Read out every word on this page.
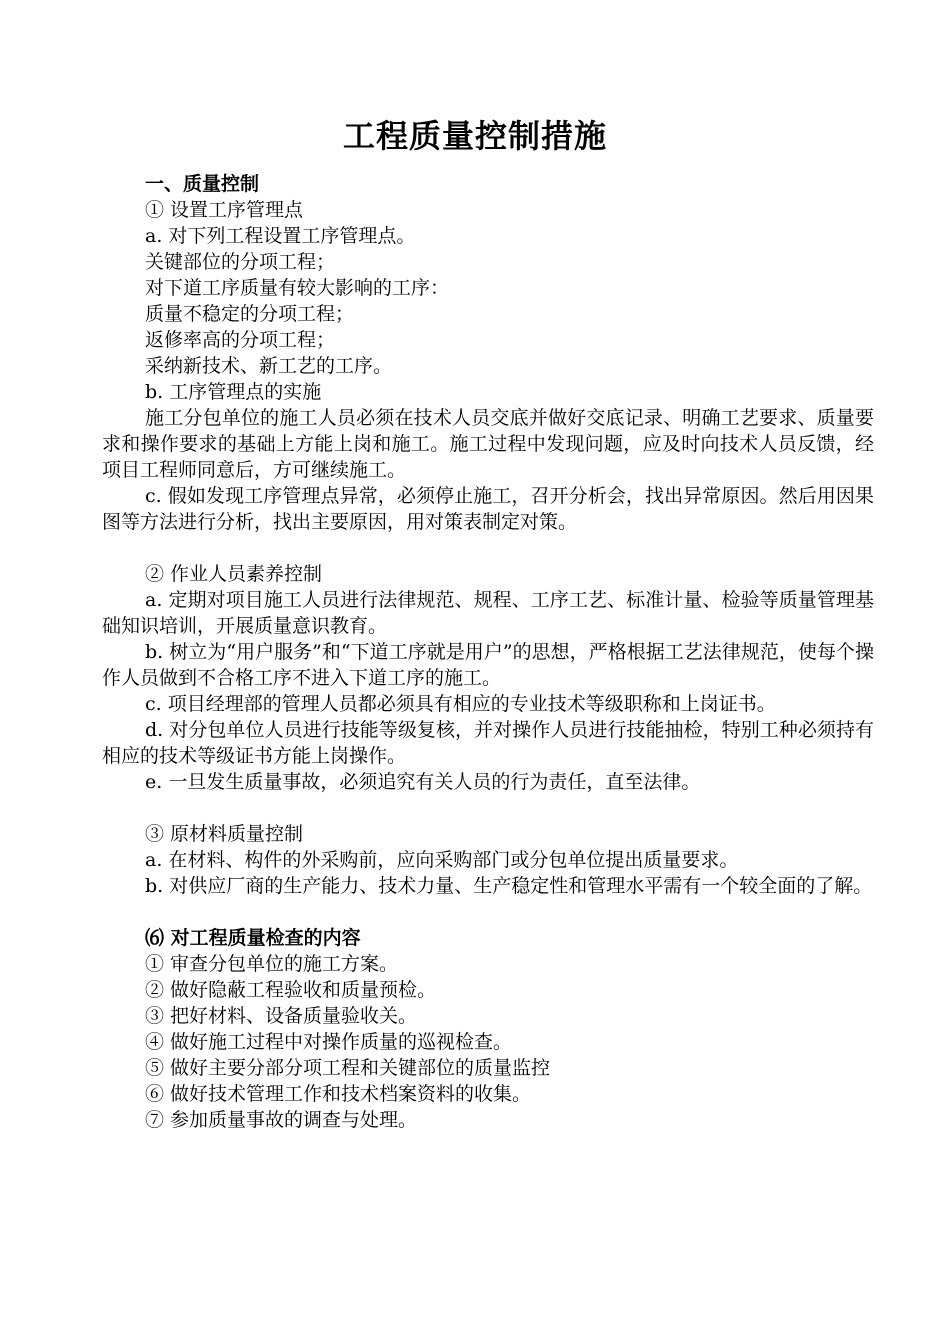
工程质量控制措施

一、质量控制

① 设置工序管理点

a. 对下列工程设置工序管理点。

关键部位的分项工程；

对下道工序质量有较大影响的工序：

质量不稳定的分项工程；

返修率高的分项工程；

采纳新技术、新工艺的工序。

b. 工序管理点的实施

施工分包单位的施工人员必须在技术人员交底并做好交底记录、明确工艺要求、质量要求和操作要求的基础上方能上岗和施工。施工过程中发现问题，应及时向技术人员反馈，经项目工程师同意后，方可继续施工。

c. 假如发现工序管理点异常，必须停止施工，召开分析会，找出异常原因。然后用因果图等方法进行分析，找出主要原因，用对策表制定对策。

② 作业人员素养控制

a. 定期对项目施工人员进行法律规范、规程、工序工艺、标准计量、检验等质量管理基础知识培训，开展质量意识教育。

b. 树立为“用户服务”和“下道工序就是用户”的思想，严格根据工艺法律规范，使每个操作人员做到不合格工序不进入下道工序的施工。

c. 项目经理部的管理人员都必须具有相应的专业技术等级职称和上岗证书。

d. 对分包单位人员进行技能等级复核，并对操作人员进行技能抽检，特别工种必须持有相应的技术等级证书方能上岗操作。

e. 一旦发生质量事故，必须追究有关人员的行为责任，直至法律。

③ 原材料质量控制

a. 在材料、构件的外采购前，应向采购部门或分包单位提出质量要求。

b. 对供应厂商的生产能力、技术力量、生产稳定性和管理水平需有一个较全面的了解。

⑹ 对工程质量检查的内容

① 审查分包单位的施工方案。

② 做好隐蔽工程验收和质量预检。

③ 把好材料、设备质量验收关。

④ 做好施工过程中对操作质量的巡视检查。

⑤ 做好主要分部分项工程和关键部位的质量监控

⑥ 做好技术管理工作和技术档案资料的收集。

⑦ 参加质量事故的调查与处理。
